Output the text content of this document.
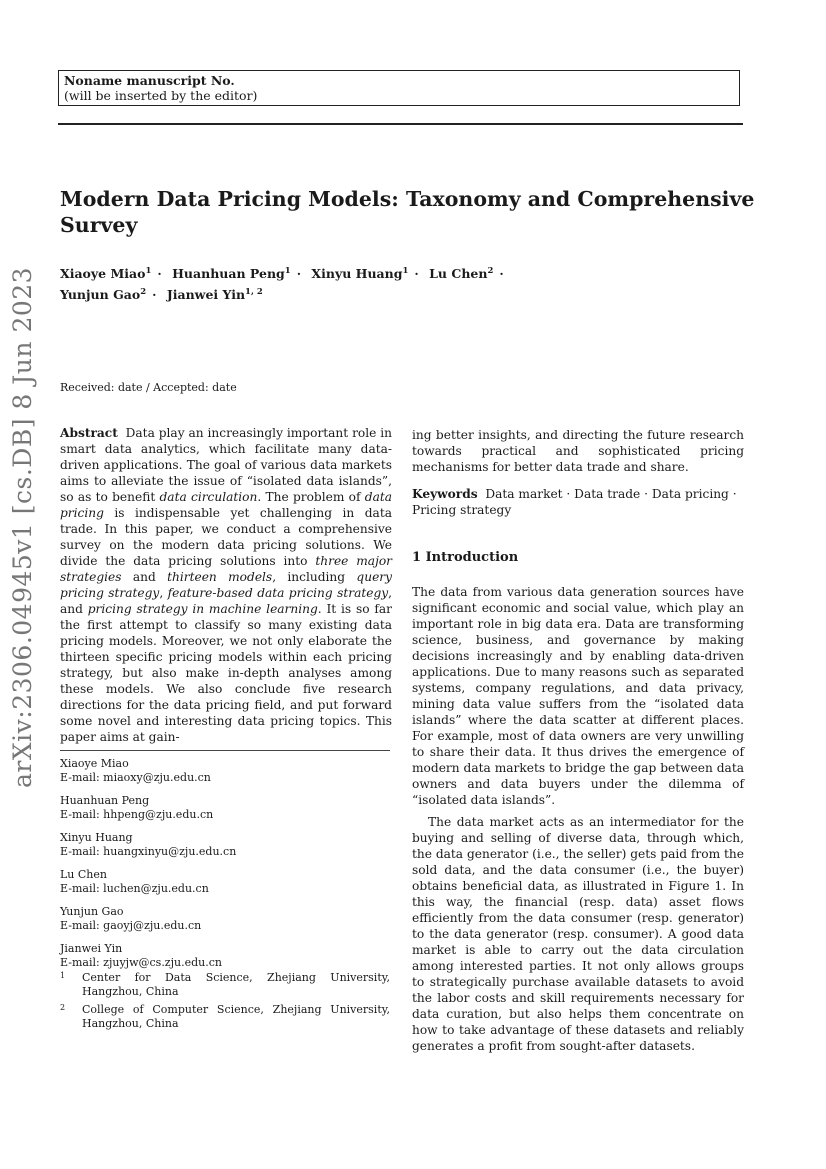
Noname manuscript No.
(will be inserted by the editor)
Modern Data Pricing Models: Taxonomy and Comprehensive Survey
Xiaoye Miao$^1$ · Huanhuan Peng$^1$ · Xinyu Huang$^1$ · Lu Chen$^2$ ·
Yunjun Gao$^2$ · Jianwei Yin$^{1, 2}$
arXiv:2306.04945v1 [cs.DB] 8 Jun 2023 Received: date / Accepted: date

Abstract Data play an increasingly important role in smart data analytics, which facilitate many data-driven applications. The goal of various data markets aims to alleviate the issue of “isolated data islands”, so as to benefit data circulation. The problem of data pricing is indispensable yet challenging in data trade. In this paper, we conduct a comprehensive survey on the modern data pricing solutions. We divide the data pricing solutions into three major strategies and thirteen models, including query pricing strategy, feature-based data pricing strategy, and pricing strategy in machine learning. It is so far the first attempt to classify so many existing data pricing models. Moreover, we not only elaborate the thirteen specific pricing models within each pricing strategy, but also make in-depth analyses among these models. We also conclude five research directions for the data pricing field, and put forward some novel and interesting data pricing topics. This paper aims at gain-

Xiaoye Miao
E-mail: miaoxy@zju.edu.cn
Huanhuan Peng
E-mail: hhpeng@zju.edu.cn
Xinyu Huang
E-mail: huangxinyu@zju.edu.cn
Lu Chen
E-mail: luchen@zju.edu.cn
Yunjun Gao
E-mail: gaoyj@zju.edu.cn
Jianwei Yin
E-mail: zjuyjw@cs.zju.edu.cn
1 Center for Data Science, Zhejiang University, Hangzhou, China
2 College of Computer Science, Zhejiang University, Hangzhou, China

ing better insights, and directing the future research towards practical and sophisticated pricing mechanisms for better data trade and share.

Keywords Data market · Data trade · Data pricing · Pricing strategy
1 Introduction

The data from various data generation sources have significant economic and social value, which play an important role in big data era. Data are transforming science, business, and governance by making decisions increasingly and by enabling data-driven applications. Due to many reasons such as separated systems, company regulations, and data privacy, mining data value suffers from the “isolated data islands” where the data scatter at different places. For example, most of data owners are very unwilling to share their data. It thus drives the emergence of modern data markets to bridge the gap between data owners and data buyers under the dilemma of “isolated data islands”.

The data market acts as an intermediator for the buying and selling of diverse data, through which, the data generator (i.e., the seller) gets paid from the sold data, and the data consumer (i.e., the buyer) obtains beneficial data, as illustrated in Figure 1. In this way, the financial (resp. data) asset flows efficiently from the data consumer (resp. generator) to the data generator (resp. consumer). A good data market is able to carry out the data circulation among interested parties. It not only allows groups to strategically purchase available datasets to avoid the labor costs and skill requirements necessary for data curation, but also helps them concentrate on how to take advantage of these datasets and reliably generates a profit from sought-after datasets.
